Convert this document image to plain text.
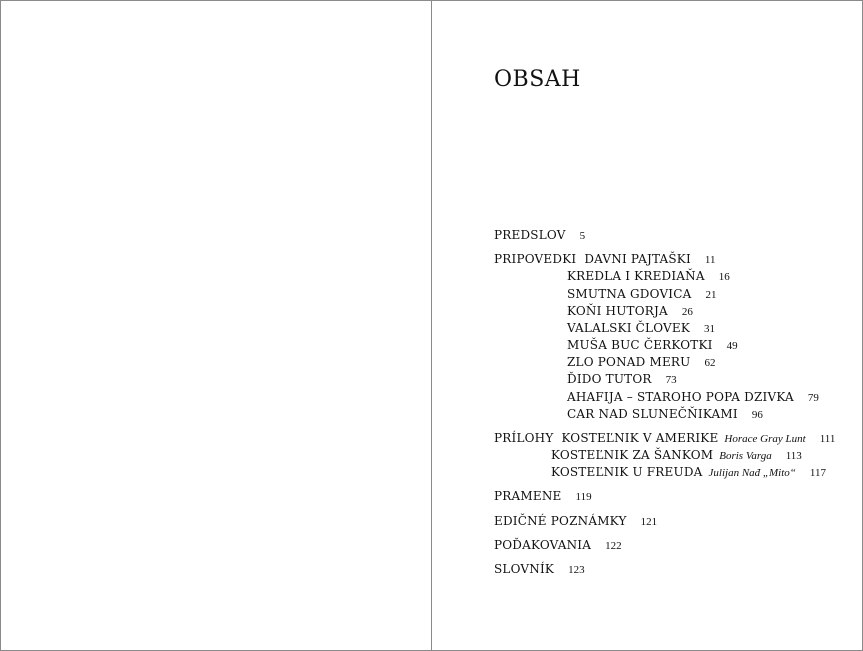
OBSAH
PREDSLOV 5
PRIPOVEDKI DAVNI PAJTAŠKI 11
KREDLA I KREDIAŇA 16
SMUTNA GDOVICA 21
KOŇI HUTORJA 26
VALALSKI ČLOVEK 31
MUŠA BUC ČERKOTKI 49
ZLO PONAD MERU 62
ĎIDO TUTOR 73
AHAFIJA – STAROHO POPA DZIVKA 79
CAR NAD SLUNEČŇIKAMI 96
PRÍLOHY KOSTEĽNIK V AMERIKE Horace Gray Lunt 111
KOSTEĽNIK ZA ŠANKOM Boris Varga 113
KOSTEĽNIK U FREUDA Julijan Nađ „Mito“ 117
PRAMENE 119
EDIČNÉ POZNÁMKY 121
POĎAKOVANIA 122
SLOVNÍK 123
